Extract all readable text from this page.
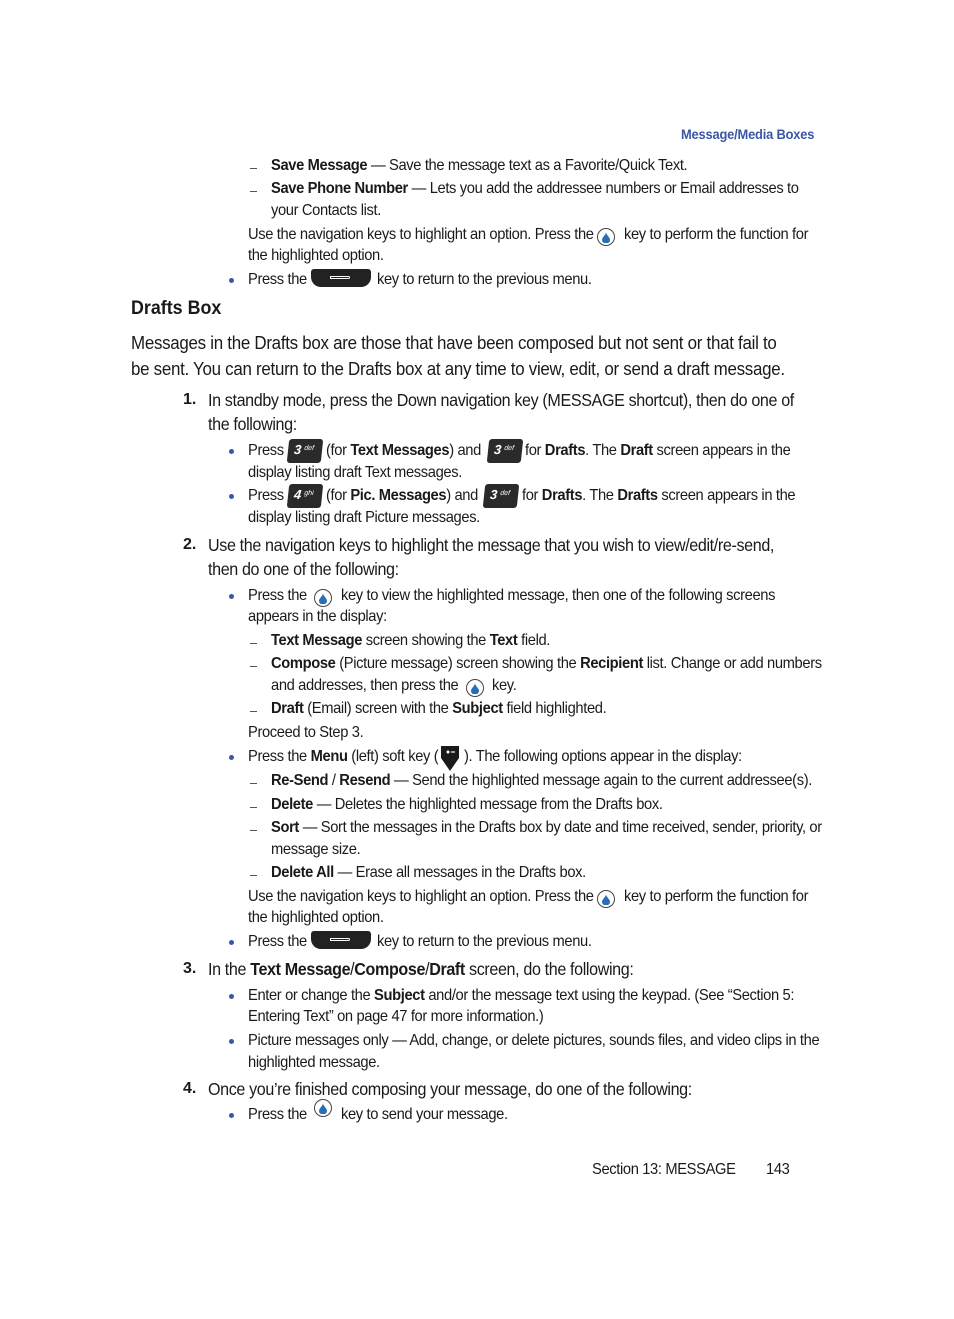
Message/Media Boxes
Save Message — Save the message text as a Favorite/Quick Text.
Save Phone Number — Lets you add the addressee numbers or Email addresses to
your Contacts list.
Use the navigation keys to highlight an option. Press the key to perform the function for
the highlighted option.
Press the	key to return to the previous menu.
Drafts Box
Messages in the Drafts box are those that have been composed but not sent or that fail to
be sent. You can return to the Drafts box at any time to view, edit, or send a draft message.
1. In standby mode, press the Down navigation key (MESSAGE shortcut), then do one of
the following:
Press 3 def (for Text Messages) and 3 def for Drafts. The Draft screen appears in the
display listing draft Text messages.
Press 4 ghi (for Pic. Messages) and 3 def for Drafts. The Drafts screen appears in the
display listing draft Picture messages.
2. Use the navigation keys to highlight the message that you wish to view/edit/re-send,
then do one of the following:
Press the key to view the highlighted message, then one of the following screens
appears in the display:
Text Message screen showing the Text field.
Compose (Picture message) screen showing the Recipient list. Change or add numbers
and addresses, then press the key.
Draft (Email) screen with the Subject field highlighted.
Proceed to Step 3.
Press the Menu (left) soft key ( ). The following options appear in the display:
Re-Send / Resend — Send the highlighted message again to the current addressee(s).
Delete — Deletes the highlighted message from the Drafts box.
Sort — Sort the messages in the Drafts box by date and time received, sender, priority, or
message size.
Delete All — Erase all messages in the Drafts box.
Use the navigation keys to highlight an option. Press the key to perform the function for
the highlighted option.
Press the	key to return to the previous menu.
3. In the Text Message/Compose/Draft screen, do the following:
Enter or change the Subject and/or the message text using the keypad. (See “Section 5:
Entering Text” on page 47 for more information.)
Picture messages only — Add, change, or delete pictures, sounds files, and video clips in the
highlighted message.
4. Once you’re finished composing your message, do one of the following:
Press the key to send your message.
Section 13: MESSAGE 143
